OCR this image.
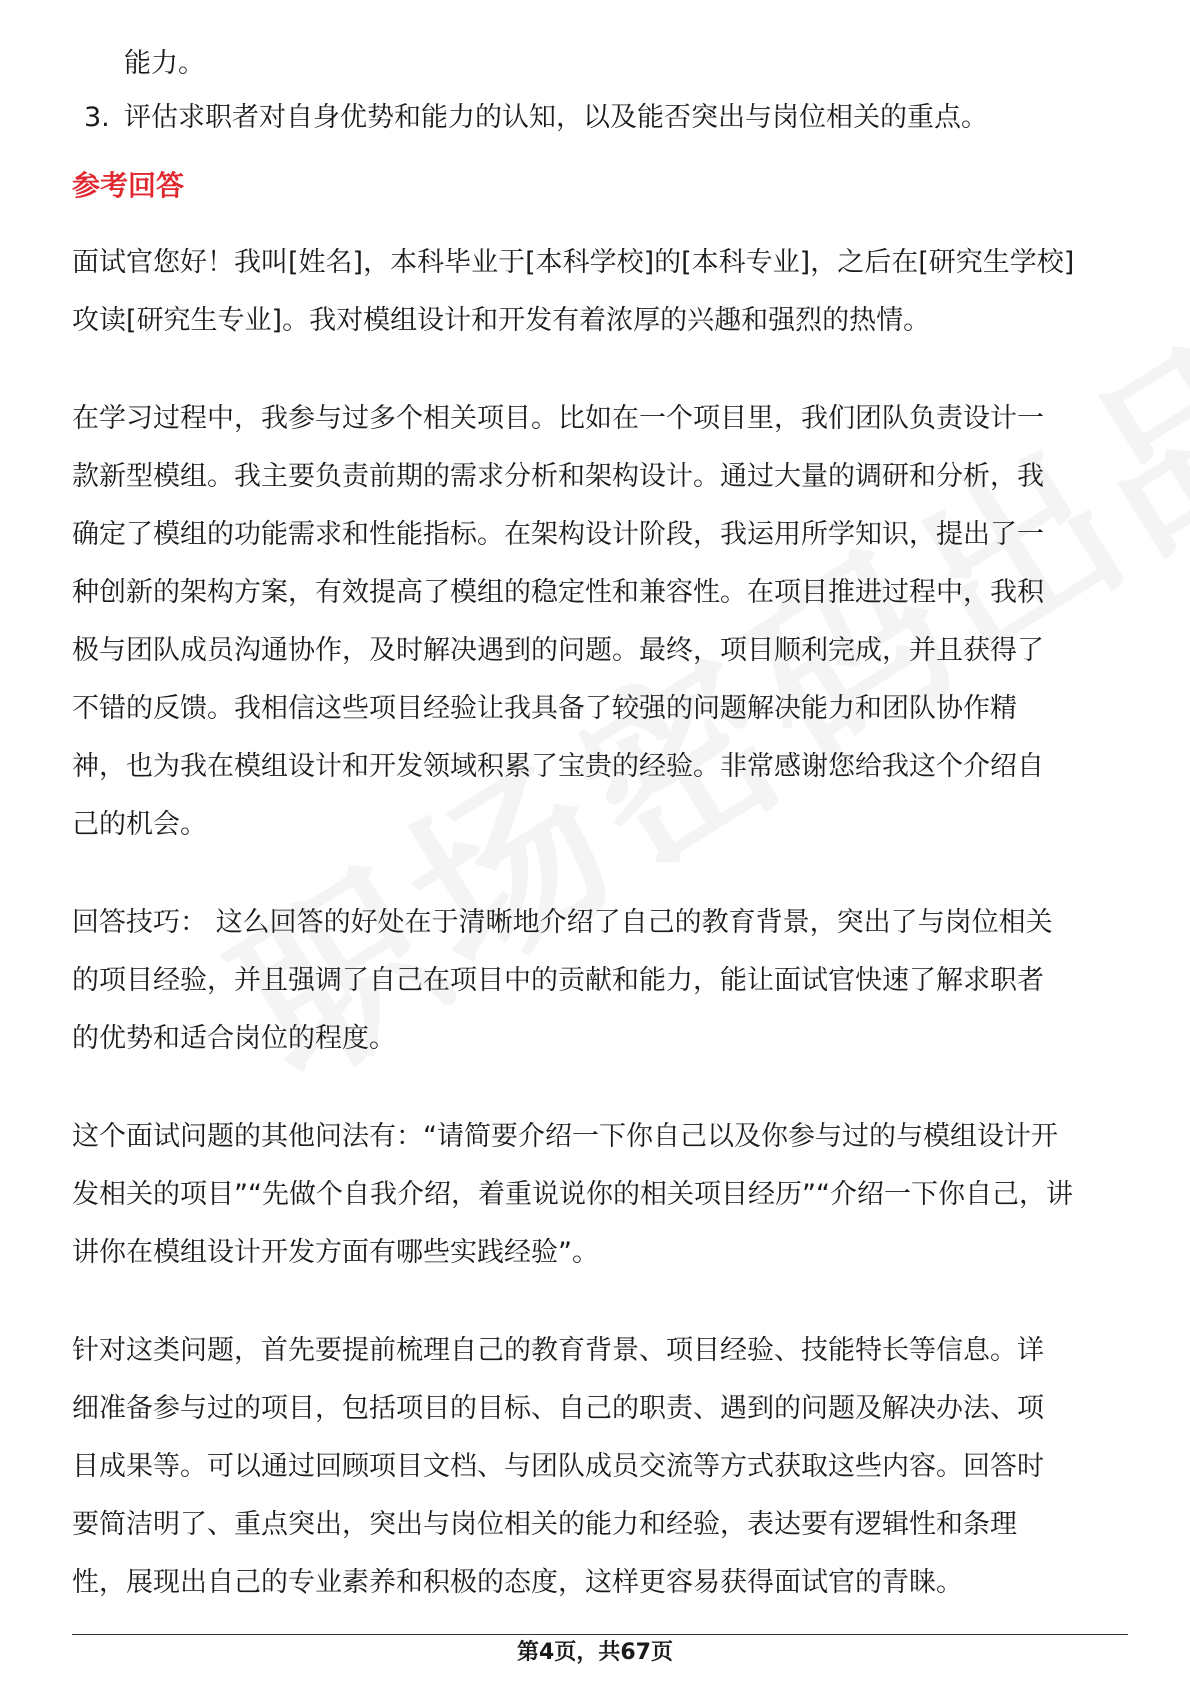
能力。
3. 评估求职者对自身优势和能力的认知，以及能否突出与岗位相关的重点。
参考回答
面试官您好！我叫[姓名]，本科毕业于[本科学校]的[本科专业]，之后在[研究生学校]
攻读[研究生专业]。我对模组设计和开发有着浓厚的兴趣和强烈的热情。
在学习过程中，我参与过多个相关项目。比如在一个项目里，我们团队负责设计一
款新型模组。我主要负责前期的需求分析和架构设计。通过大量的调研和分析，我
确定了模组的功能需求和性能指标。在架构设计阶段，我运用所学知识，提出了一
种创新的架构方案，有效提高了模组的稳定性和兼容性。在项目推进过程中，我积
极与团队成员沟通协作，及时解决遇到的问题。最终，项目顺利完成，并且获得了
不错的反馈。我相信这些项目经验让我具备了较强的问题解决能力和团队协作精
神，也为我在模组设计和开发领域积累了宝贵的经验。非常感谢您给我这个介绍自
己的机会。
回答技巧： 这么回答的好处在于清晰地介绍了自己的教育背景，突出了与岗位相关
的项目经验，并且强调了自己在项目中的贡献和能力，能让面试官快速了解求职者
的优势和适合岗位的程度。
这个面试问题的其他问法有：“请简要介绍一下你自己以及你参与过的与模组设计开
发相关的项目”“先做个自我介绍，着重说说你的相关项目经历”“介绍一下你自己，讲
讲你在模组设计开发方面有哪些实践经验”。
针对这类问题，首先要提前梳理自己的教育背景、项目经验、技能特长等信息。详
细准备参与过的项目，包括项目的目标、自己的职责、遇到的问题及解决办法、项
目成果等。可以通过回顾项目文档、与团队成员交流等方式获取这些内容。回答时
要简洁明了、重点突出，突出与岗位相关的能力和经验，表达要有逻辑性和条理
性，展现出自己的专业素养和积极的态度，这样更容易获得面试官的青睐。
第4页，共67页
